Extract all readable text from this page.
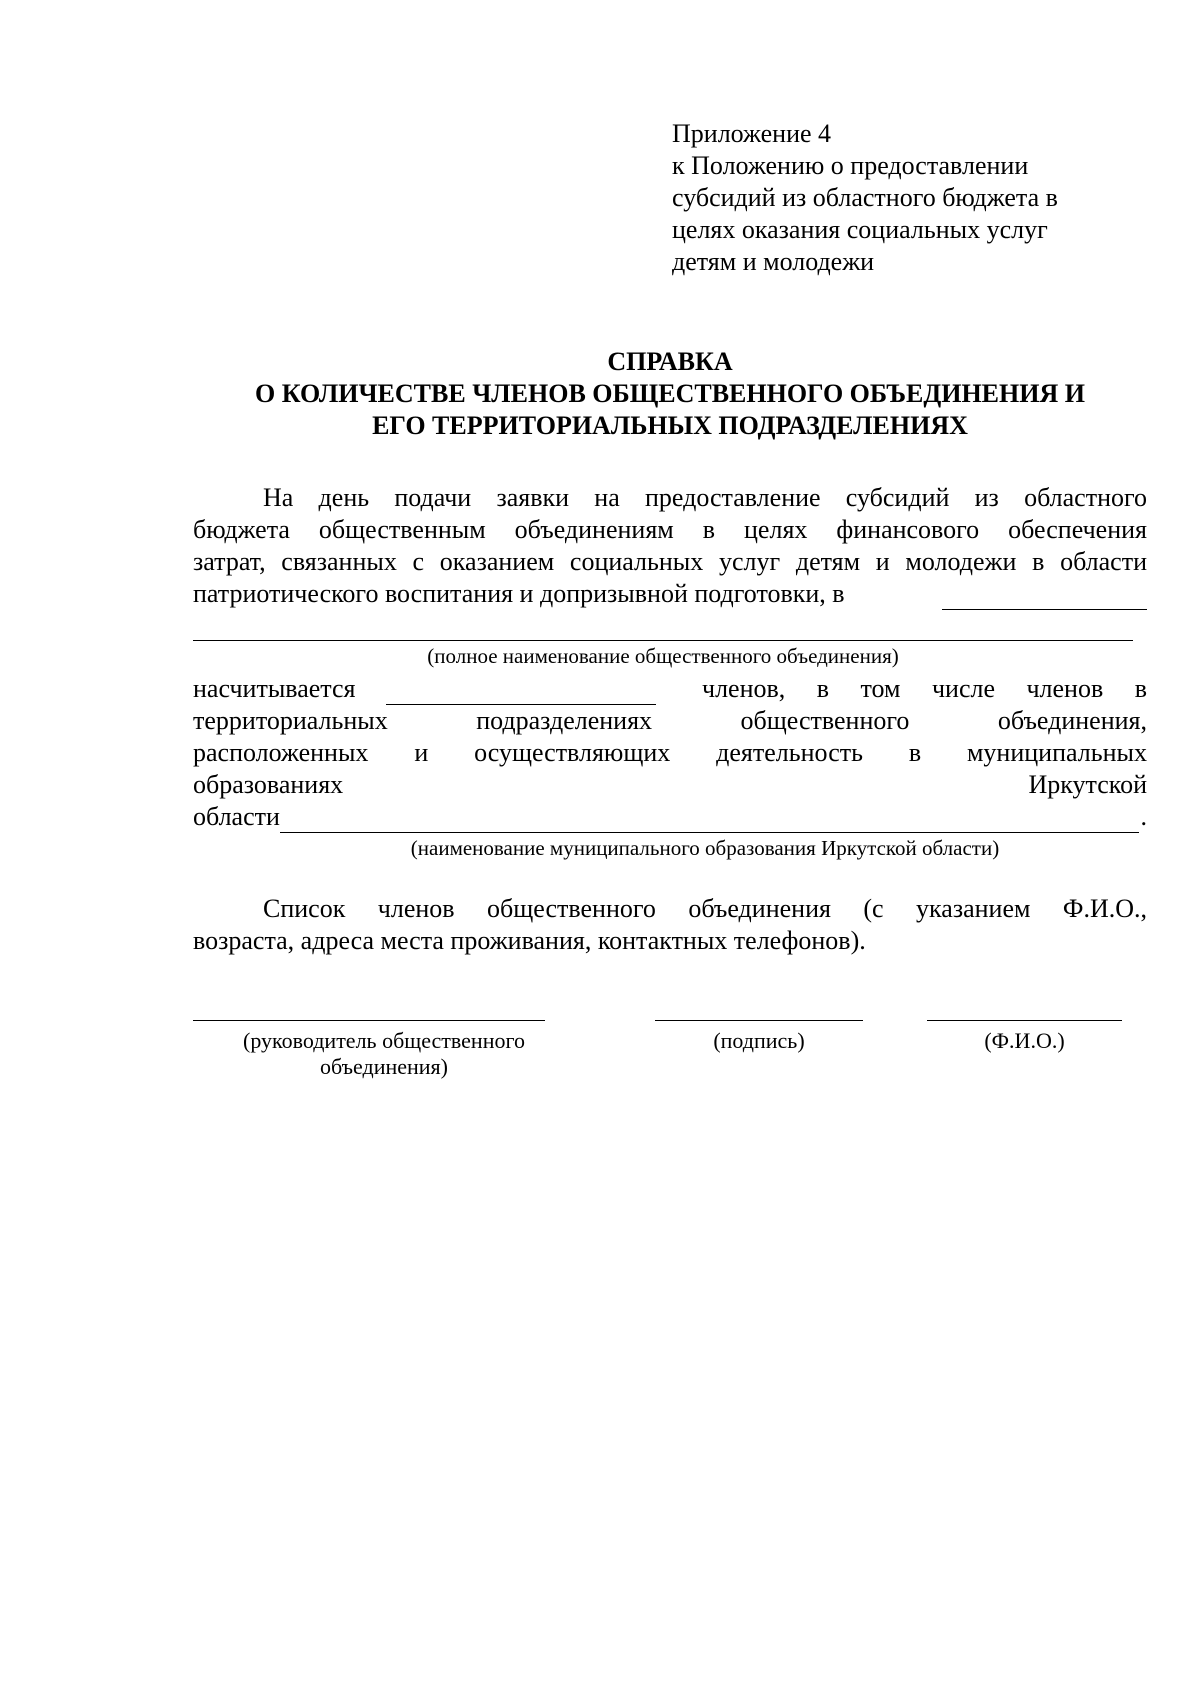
Приложение 4
к Положению о предоставлении
субсидий из областного бюджета в
целях оказания социальных услуг
детям и молодежи
СПРАВКА
О КОЛИЧЕСТВЕ ЧЛЕНОВ ОБЩЕСТВЕННОГО ОБЪЕДИНЕНИЯ И
ЕГО ТЕРРИТОРИАЛЬНЫХ ПОДРАЗДЕЛЕНИЯХ
На день подачи заявки на предоставление субсидий из областного
бюджета общественным объединениям в целях финансового обеспечения
затрат, связанных с оказанием социальных услуг детям и молодежи в области
патриотического воспитания и допризывной подготовки, в
(полное наименование общественного объединения)
насчитывается	членов, в том числе членов в
территориальных подразделениях общественного объединения,
расположенных и осуществляющих деятельность в муниципальных
образованиях	Иркутской
области	.
(наименование муниципального образования Иркутской области)
Список членов общественного объединения (с указанием Ф.И.О.,
возраста, адреса места проживания, контактных телефонов).
(руководитель общественного
объединения)
(подпись)	(Ф.И.О.)
